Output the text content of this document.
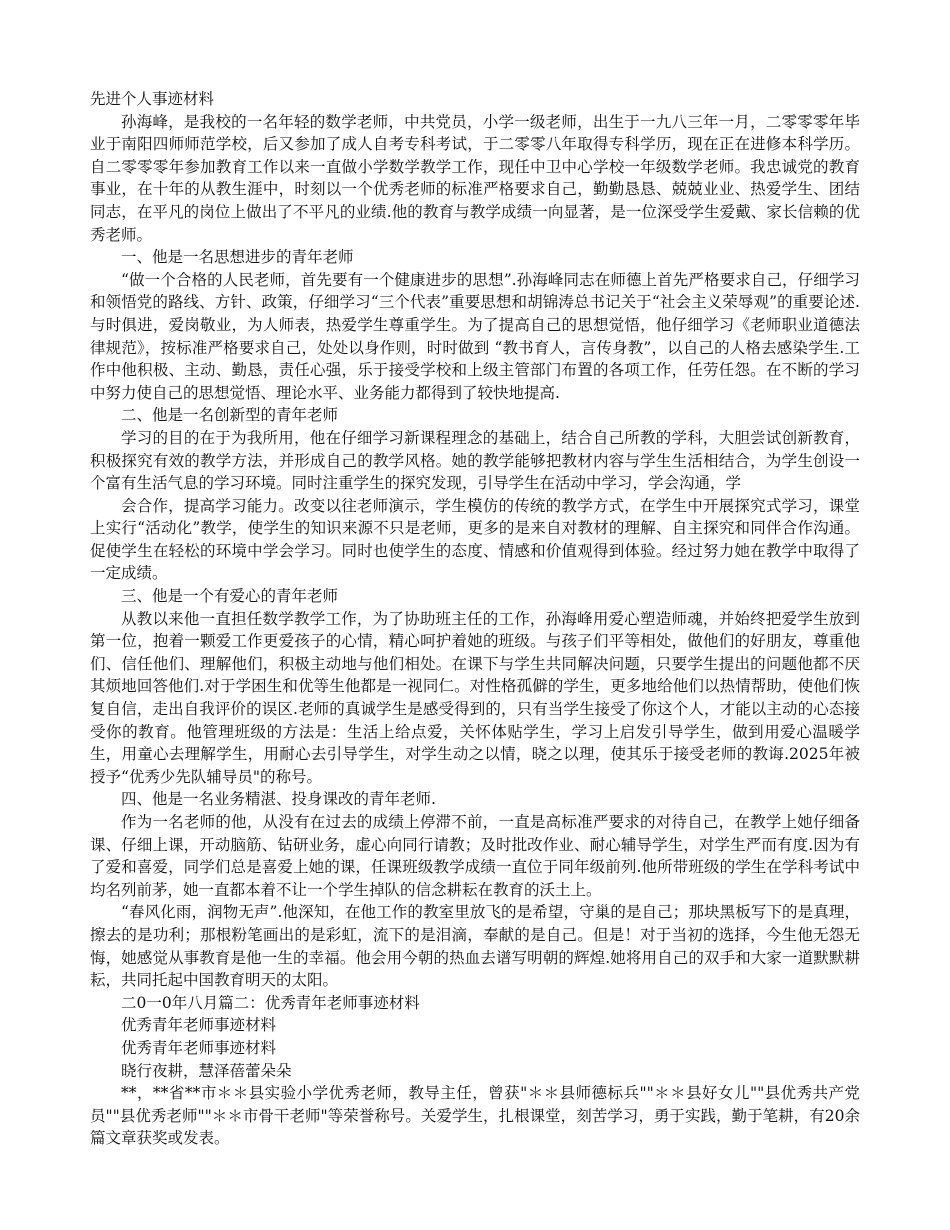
先进个人事迹材料

孙海峰，是我校的一名年轻的数学老师，中共党员，小学一级老师，出生于一九八三年一月，二零零零年毕业于南阳四师师范学校，后又参加了成人自考专科考试，于二零零八年取得专科学历，现在正在进修本科学历。自二零零零年参加教育工作以来一直做小学数学教学工作，现任中卫中心学校一年级数学老师。我忠诚党的教育事业，在十年的从教生涯中，时刻以一个优秀老师的标准严格要求自己，勤勤恳恳、兢兢业业、热爱学生、团结同志，在平凡的岗位上做出了不平凡的业绩.他的教育与教学成绩一向显著，是一位深受学生爱戴、家长信赖的优秀老师。

一、他是一名思想进步的青年老师

“做一个合格的人民老师，首先要有一个健康进步的思想”.孙海峰同志在师德上首先严格要求自己，仔细学习和领悟党的路线、方针、政策，仔细学习“三个代表”重要思想和胡锦涛总书记关于“社会主义荣辱观”的重要论述.与时俱进，爱岗敬业，为人师表，热爱学生尊重学生。为了提高自己的思想觉悟，他仔细学习《老师职业道德法律规范》，按标准严格要求自己，处处以身作则，时时做到 “教书育人，言传身教”，以自己的人格去感染学生.工作中他积极、主动、勤恳，责任心强，乐于接受学校和上级主管部门布置的各项工作，任劳任怨。在不断的学习中努力使自己的思想觉悟、理论水平、业务能力都得到了较快地提高.

二、他是一名创新型的青年老师

学习的目的在于为我所用，他在仔细学习新课程理念的基础上，结合自己所教的学科，大胆尝试创新教育，积极探究有效的教学方法，并形成自己的教学风格。她的教学能够把教材内容与学生生活相结合，为学生创设一个富有生活气息的学习环境。同时注重学生的探究发现，引导学生在活动中学习，学会沟通，学

会合作，提高学习能力。改变以往老师演示，学生模仿的传统的教学方式，在学生中开展探究式学习，课堂上实行“活动化”教学，使学生的知识来源不只是老师，更多的是来自对教材的理解、自主探究和同伴合作沟通。促使学生在轻松的环境中学会学习。同时也使学生的态度、情感和价值观得到体验。经过努力她在教学中取得了一定成绩。

三、他是一个有爱心的青年老师

从教以来他一直担任数学教学工作，为了协助班主任的工作，孙海峰用爱心塑造师魂，并始终把爱学生放到第一位，抱着一颗爱工作更爱孩子的心情，精心呵护着她的班级。与孩子们平等相处，做他们的好朋友，尊重他们、信任他们、理解他们，积极主动地与他们相处。在课下与学生共同解决问题，只要学生提出的问题他都不厌其烦地回答他们.对于学困生和优等生他都是一视同仁。对性格孤僻的学生，更多地给他们以热情帮助，使他们恢复自信，走出自我评价的误区.老师的真诚学生是感受得到的，只有当学生接受了你这个人，才能以主动的心态接受你的教育。他管理班级的方法是：生活上给点爱，关怀体贴学生，学习上启发引导学生，做到用爱心温暖学生，用童心去理解学生，用耐心去引导学生，对学生动之以情，晓之以理，使其乐于接受老师的教诲.2025年被授予“优秀少先队辅导员"的称号。

四、他是一名业务精湛、投身课改的青年老师.

作为一名老师的他，从没有在过去的成绩上停滞不前，一直是高标准严要求的对待自己，在教学上她仔细备课、仔细上课，开动脑筋、钻研业务，虚心向同行请教；及时批改作业、耐心辅导学生，对学生严而有度.因为有了爱和喜爱，同学们总是喜爱上她的课，任课班级教学成绩一直位于同年级前列.他所带班级的学生在学科考试中均名列前茅，她一直都本着不让一个学生掉队的信念耕耘在教育的沃土上。

“春风化雨，润物无声”.他深知，在他工作的教室里放飞的是希望，守巢的是自己；那块黑板写下的是真理，擦去的是功利；那根粉笔画出的是彩虹，流下的是泪滴，奉献的是自己。但是！对于当初的选择，今生他无怨无悔，她感觉从事教育是他一生的幸福。他会用今朝的热血去谱写明朝的辉煌.她将用自己的双手和大家一道默默耕耘，共同托起中国教育明天的太阳。

二0一0年八月篇二：优秀青年老师事迹材料

优秀青年老师事迹材料

优秀青年老师事迹材料

晓行夜耕，慧泽蓓蕾朵朵

**，**省**市＊＊县实验小学优秀老师，教导主任，曾获"＊＊县师德标兵""＊＊县好女儿""县优秀共产党员""县优秀老师""＊＊市骨干老师"等荣誉称号。关爱学生，扎根课堂，刻苦学习，勇于实践，勤于笔耕，有20余篇文章获奖或发表。
